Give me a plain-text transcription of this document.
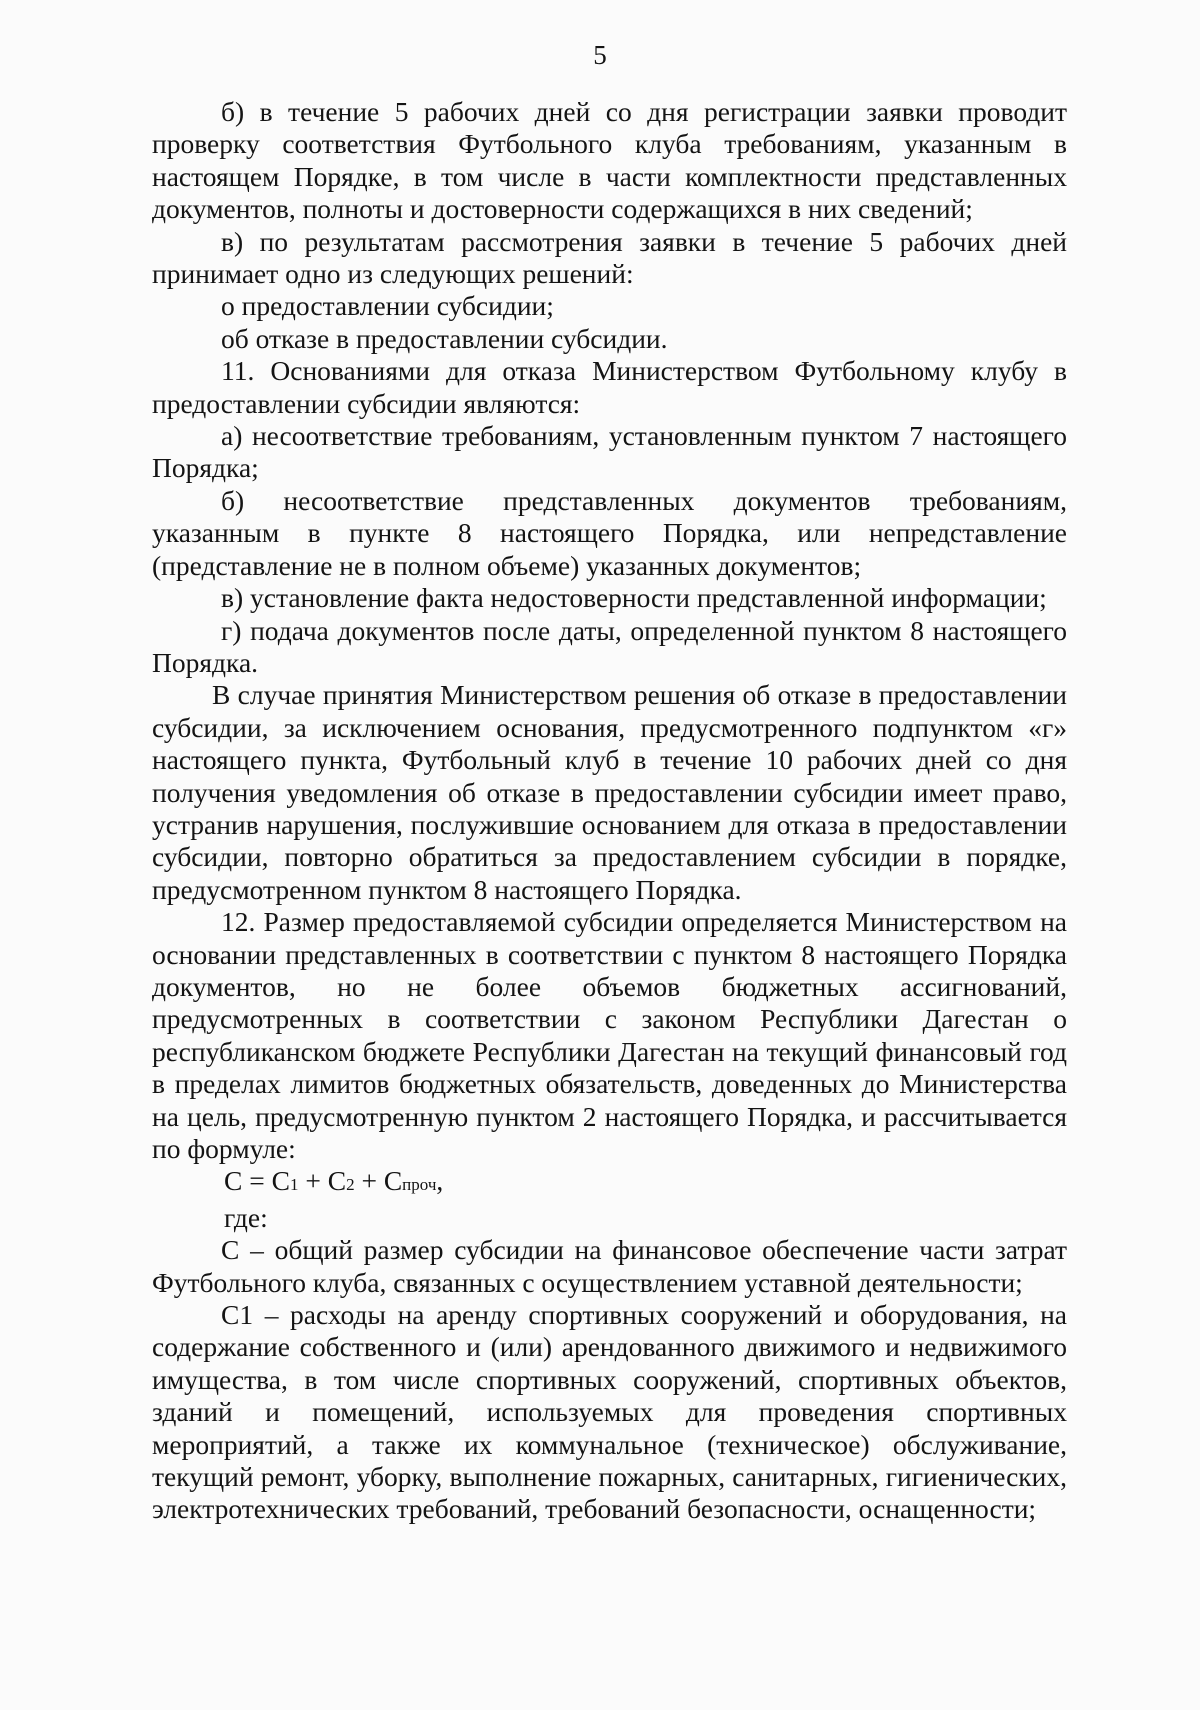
5

б) в течение 5 рабочих дней со дня регистрации заявки проводит проверку соответствия Футбольного клуба требованиям, указанным в настоящем Порядке, в том числе в части комплектности представленных документов, полноты и достоверности содержащихся в них сведений;

в) по результатам рассмотрения заявки в течение 5 рабочих дней принимает одно из следующих решений:

о предоставлении субсидии;

об отказе в предоставлении субсидии.

11. Основаниями для отказа Министерством Футбольному клубу в предоставлении субсидии являются:

а) несоответствие требованиям, установленным пунктом 7 настоящего Порядка;

б) несоответствие представленных документов требованиям, указанным в пункте 8 настоящего Порядка, или непредставление (представление не в полном объеме) указанных документов;

в) установление факта недостоверности представленной информации;

г) подача документов после даты, определенной пунктом 8 настоящего Порядка.

В случае принятия Министерством решения об отказе в предоставлении субсидии, за исключением основания, предусмотренного подпунктом «г» настоящего пункта, Футбольный клуб в течение 10 рабочих дней со дня получения уведомления об отказе в предоставлении субсидии имеет право, устранив нарушения, послужившие основанием для отказа в предоставлении субсидии, повторно обратиться за предоставлением субсидии в порядке, предусмотренном пунктом 8 настоящего Порядка.

12. Размер предоставляемой субсидии определяется Министерством на основании представленных в соответствии с пунктом 8 настоящего Порядка документов, но не более объемов бюджетных ассигнований, предусмотренных в соответствии с законом Республики Дагестан о республиканском бюджете Республики Дагестан на текущий финансовый год в пределах лимитов бюджетных обязательств, доведенных до Министерства на цель, предусмотренную пунктом 2 настоящего Порядка, и рассчитывается по формуле:

С = С1 + С2 + Спроч,

где:

С – общий размер субсидии на финансовое обеспечение части затрат Футбольного клуба, связанных с осуществлением уставной деятельности;

С1 – расходы на аренду спортивных сооружений и оборудования, на содержание собственного и (или) арендованного движимого и недвижимого имущества, в том числе спортивных сооружений, спортивных объектов, зданий и помещений, используемых для проведения спортивных мероприятий, а также их коммунальное (техническое) обслуживание, текущий ремонт, уборку, выполнение пожарных, санитарных, гигиенических, электротехнических требований, требований безопасности, оснащенности;
